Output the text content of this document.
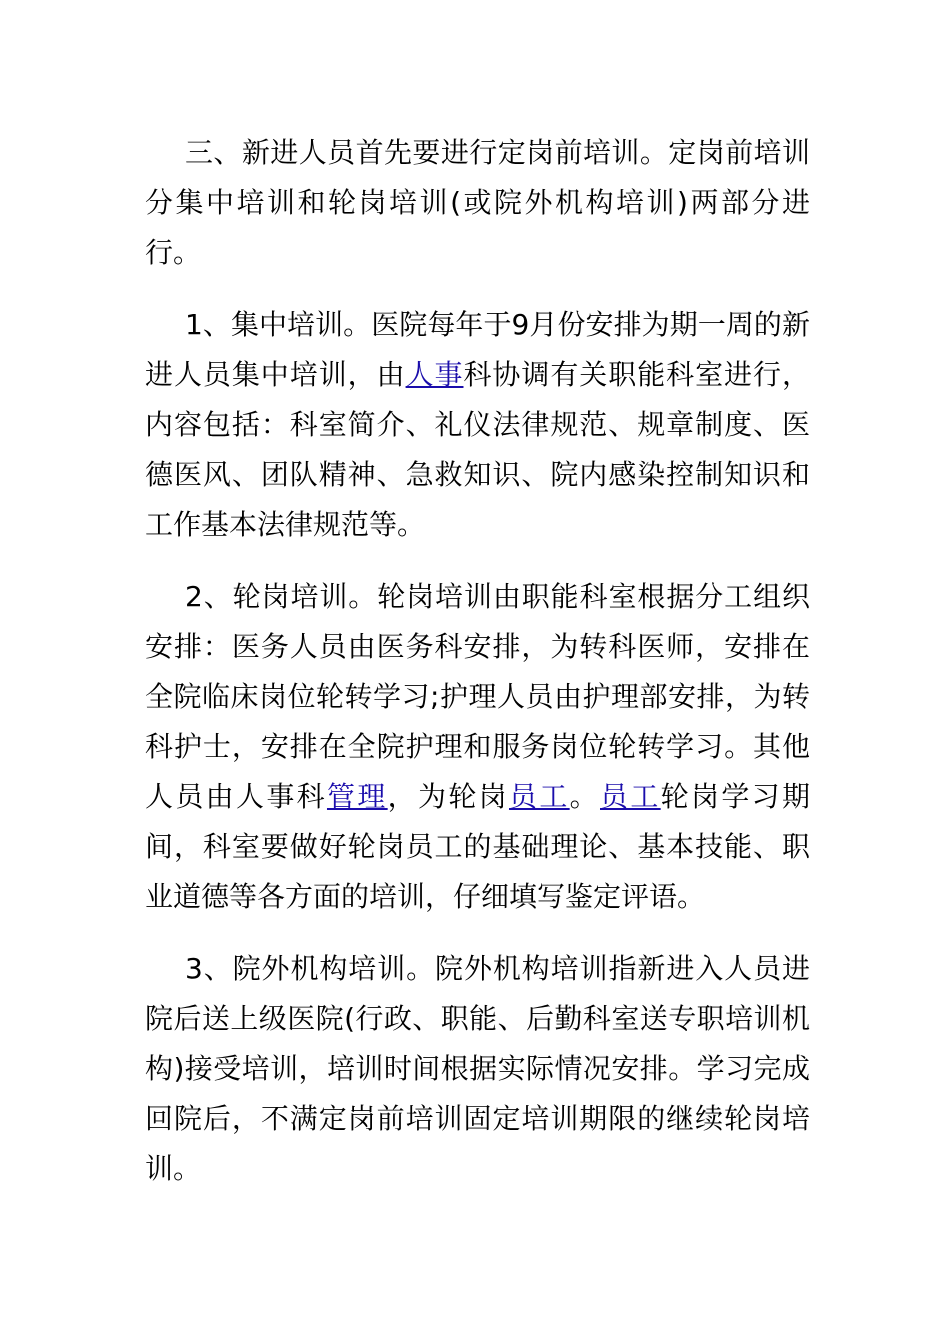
三、新进人员首先要进行定岗前培训。定岗前培训分集中培训和轮岗培训(或院外机构培训)两部分进行。

1、集中培训。医院每年于9月份安排为期一周的新进人员集中培训，由人事科协调有关职能科室进行，内容包括：科室简介、礼仪法律规范、规章制度、医德医风、团队精神、急救知识、院内感染控制知识和工作基本法律规范等。

2、轮岗培训。轮岗培训由职能科室根据分工组织安排：医务人员由医务科安排，为转科医师，安排在全院临床岗位轮转学习;护理人员由护理部安排，为转科护士，安排在全院护理和服务岗位轮转学习。其他人员由人事科管理，为轮岗员工。员工轮岗学习期间，科室要做好轮岗员工的基础理论、基本技能、职业道德等各方面的培训，仔细填写鉴定评语。

3、院外机构培训。院外机构培训指新进入人员进院后送上级医院(行政、职能、后勤科室送专职培训机构)接受培训，培训时间根据实际情况安排。学习完成回院后，不满定岗前培训固定培训期限的继续轮岗培训。
